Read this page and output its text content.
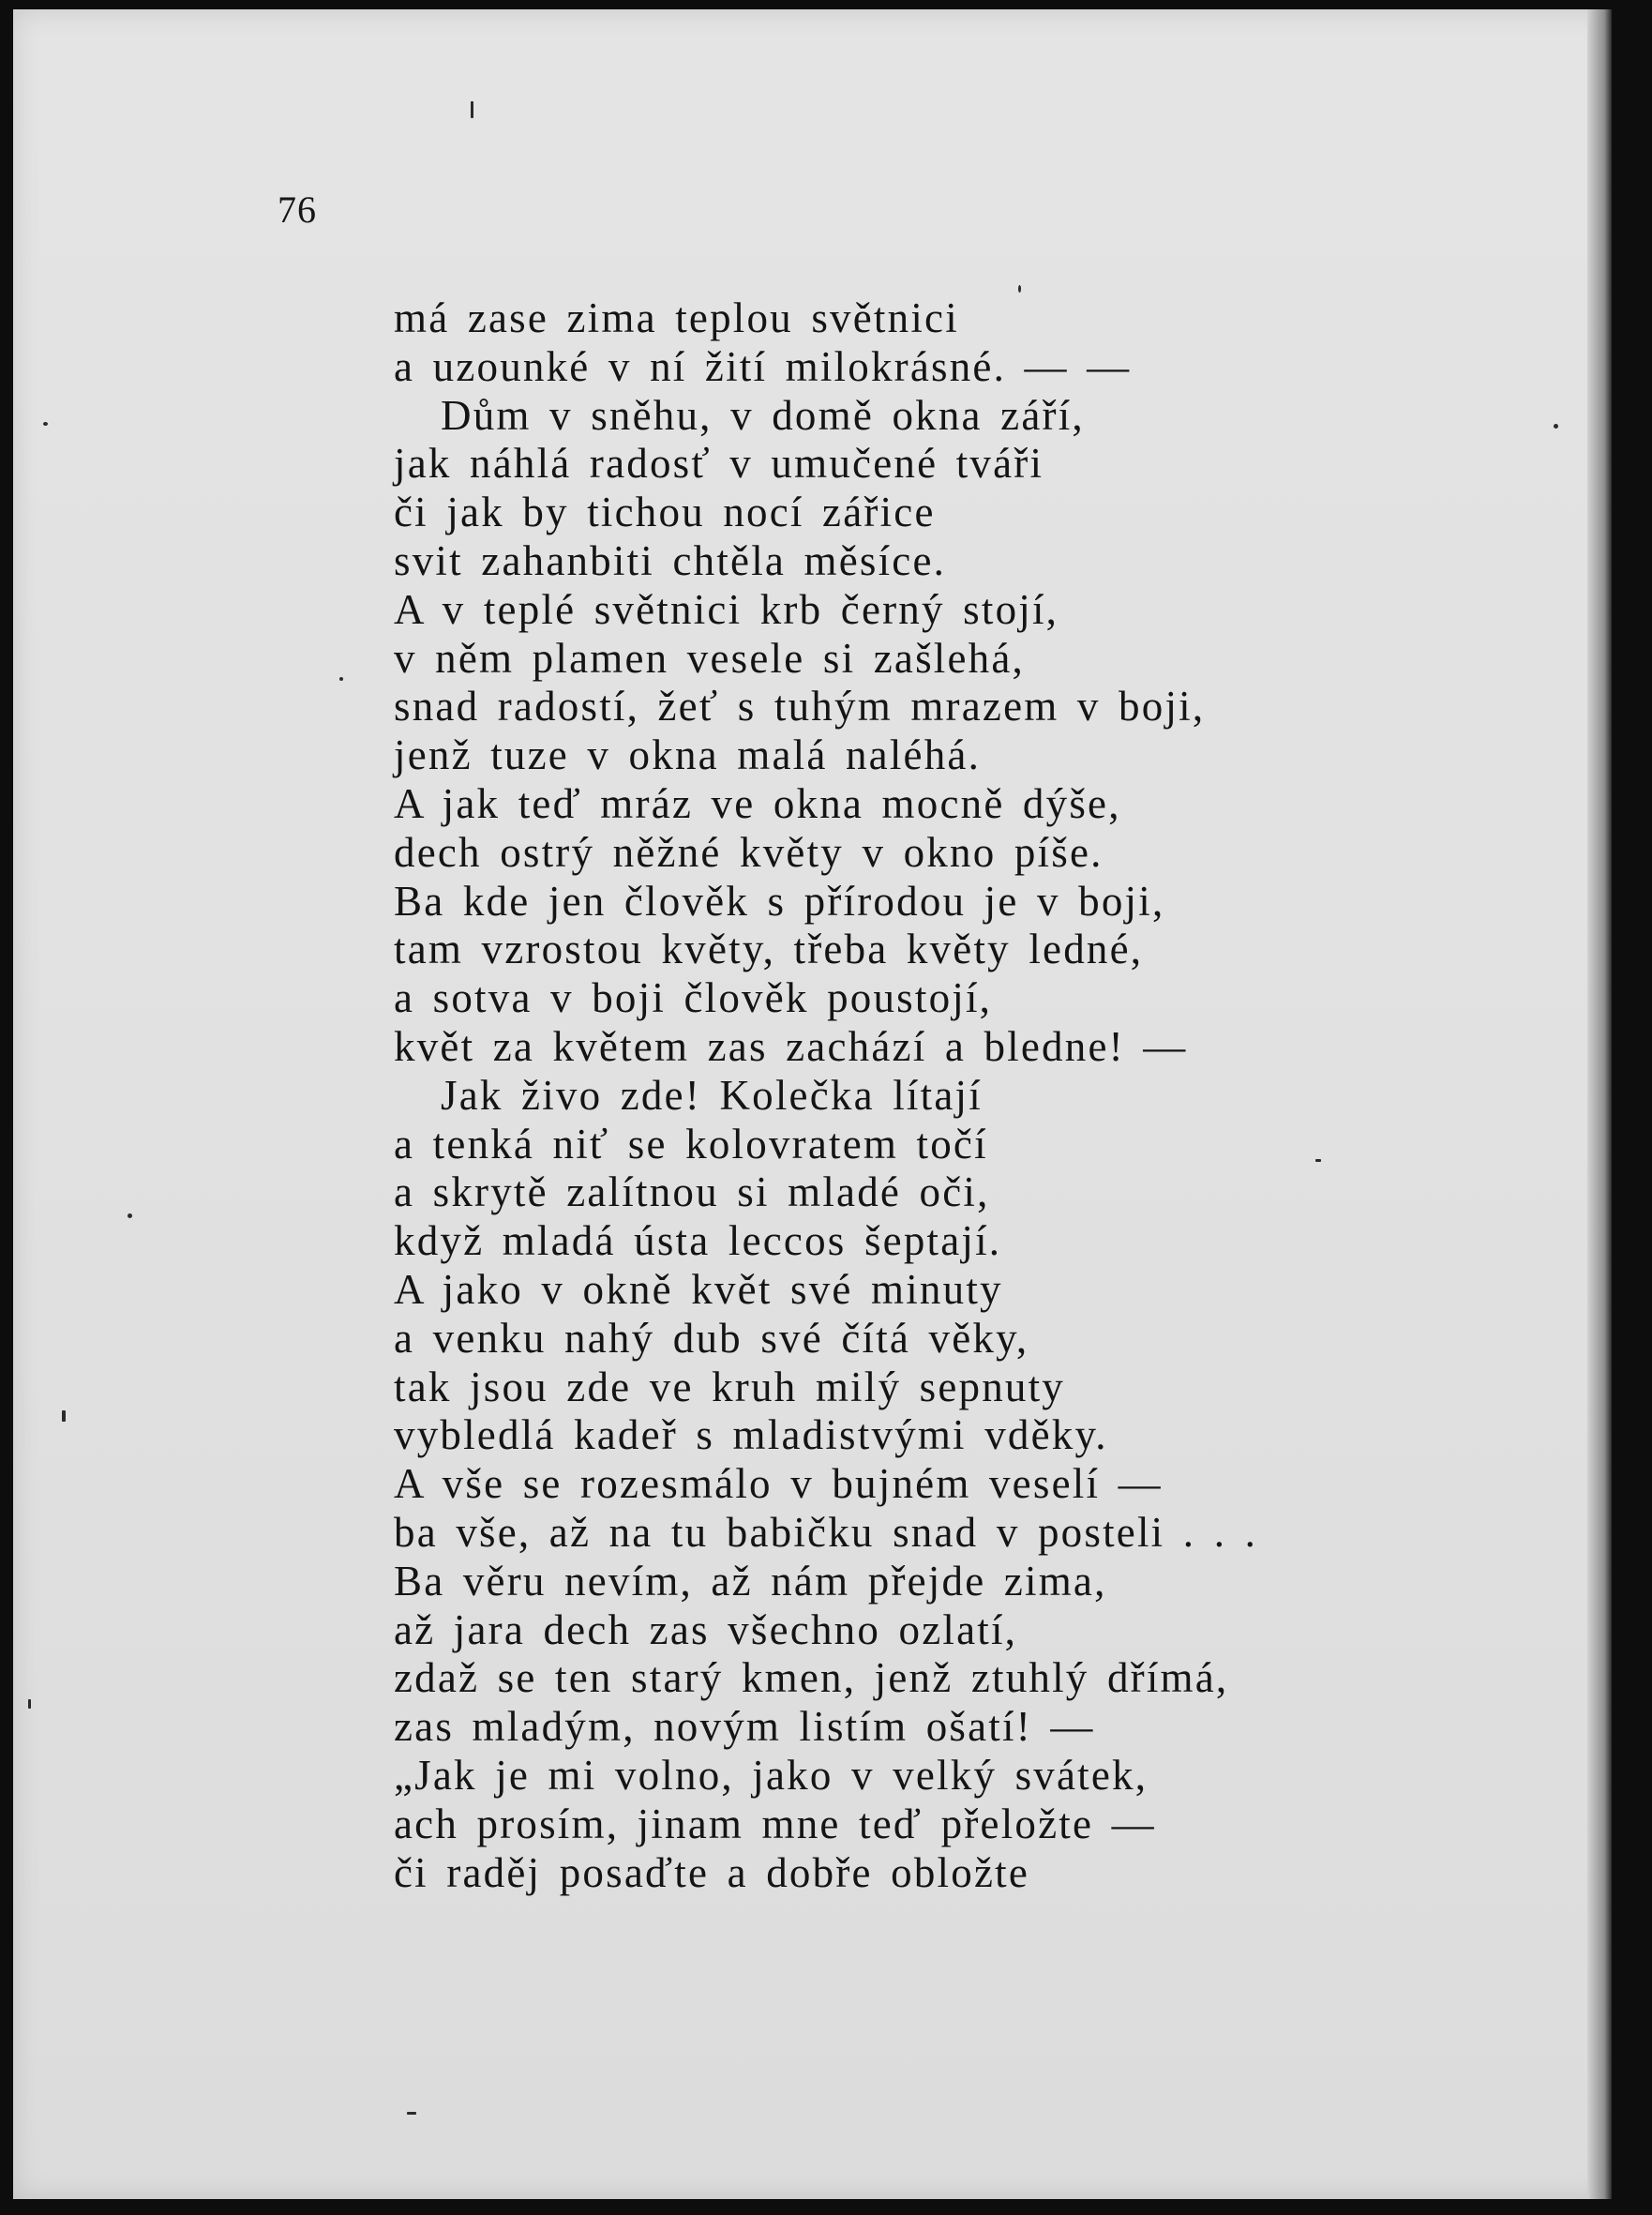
76
má zase zima teplou světnici
a uzounké v ní žití milokrásné. — —
Dům v sněhu, v domě okna září,
jak náhlá radosť v umučené tváři
či jak by tichou nocí zářice
svit zahanbiti chtěla měsíce.
A v teplé světnici krb černý stojí,
v něm plamen vesele si zašlehá,
snad radostí, žeť s tuhým mrazem v boji,
jenž tuze v okna malá naléhá.
A jak teď mráz ve okna mocně dýše,
dech ostrý něžné květy v okno píše.
Ba kde jen člověk s přírodou je v boji,
tam vzrostou květy, třeba květy ledné,
a sotva v boji člověk poustojí,
květ za květem zas zachází a bledne! —
Jak živo zde! Kolečka lítají
a tenká niť se kolovratem točí
a skrytě zalítnou si mladé oči,
když mladá ústa leccos šeptají.
A jako v okně květ své minuty
a venku nahý dub své čítá věky,
tak jsou zde ve kruh milý sepnuty
vybledlá kadeř s mladistvými vděky.
A vše se rozesmálo v bujném veselí —
ba vše, až na tu babičku snad v posteli . . .
Ba věru nevím, až nám přejde zima,
až jara dech zas všechno ozlatí,
zdaž se ten starý kmen, jenž ztuhlý dřímá,
zas mladým, novým listím ošatí! —
„Jak je mi volno, jako v velký svátek,
ach prosím, jinam mne teď přeložte —
či raděj posaďte a dobře obložte
